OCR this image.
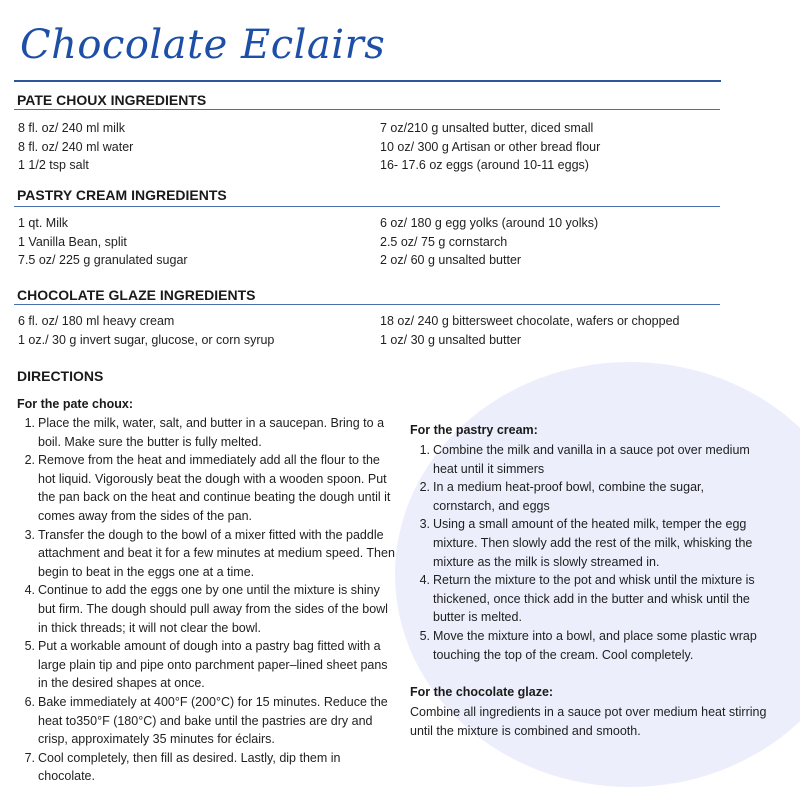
Chocolate Eclairs
PATE CHOUX INGREDIENTS
8 fl. oz/ 240 ml milk
8 fl. oz/ 240 ml water
1 1/2 tsp salt
7 oz/210 g unsalted butter, diced small
10 oz/ 300 g Artisan or other bread flour
16- 17.6 oz eggs (around 10-11 eggs)
PASTRY CREAM INGREDIENTS
1 qt. Milk
1 Vanilla Bean, split
7.5 oz/ 225 g granulated sugar
6 oz/ 180 g egg yolks (around 10 yolks)
2.5 oz/ 75 g cornstarch
2 oz/ 60 g unsalted butter
CHOCOLATE GLAZE INGREDIENTS
6 fl. oz/ 180 ml heavy cream
1 oz./ 30 g invert sugar, glucose, or corn syrup
18 oz/ 240 g bittersweet chocolate, wafers or chopped
1 oz/ 30 g unsalted butter
DIRECTIONS
For the pate choux:
1. Place the milk, water, salt, and butter in a saucepan. Bring to a boil. Make sure the butter is fully melted.
2. Remove from the heat and immediately add all the flour to the hot liquid. Vigorously beat the dough with a wooden spoon. Put the pan back on the heat and continue beating the dough until it comes away from the sides of the pan.
3. Transfer the dough to the bowl of a mixer fitted with the paddle attachment and beat it for a few minutes at medium speed. Then begin to beat in the eggs one at a time.
4. Continue to add the eggs one by one until the mixture is shiny but firm. The dough should pull away from the sides of the bowl in thick threads; it will not clear the bowl.
5. Put a workable amount of dough into a pastry bag fitted with a large plain tip and pipe onto parchment paper–lined sheet pans in the desired shapes at once.
6. Bake immediately at 400°F (200°C) for 15 minutes. Reduce the heat to350°F (180°C) and bake until the pastries are dry and crisp, approximately 35 minutes for éclairs.
7. Cool completely, then fill as desired. Lastly, dip them in chocolate.
For the pastry cream:
1. Combine the milk and vanilla in a sauce pot over medium heat until it simmers
2. In a medium heat-proof bowl, combine the sugar, cornstarch, and eggs
3. Using a small amount of the heated milk, temper the egg mixture. Then slowly add the rest of the milk, whisking the mixture as the milk is slowly streamed in.
4. Return the mixture to the pot and whisk until the mixture is thickened, once thick add in the butter and whisk until the butter is melted.
5. Move the mixture into a bowl, and place some plastic wrap touching the top of the cream. Cool completely.
For the chocolate glaze:

Combine all ingredients in a sauce pot over medium heat stirring until the mixture is combined and smooth.
